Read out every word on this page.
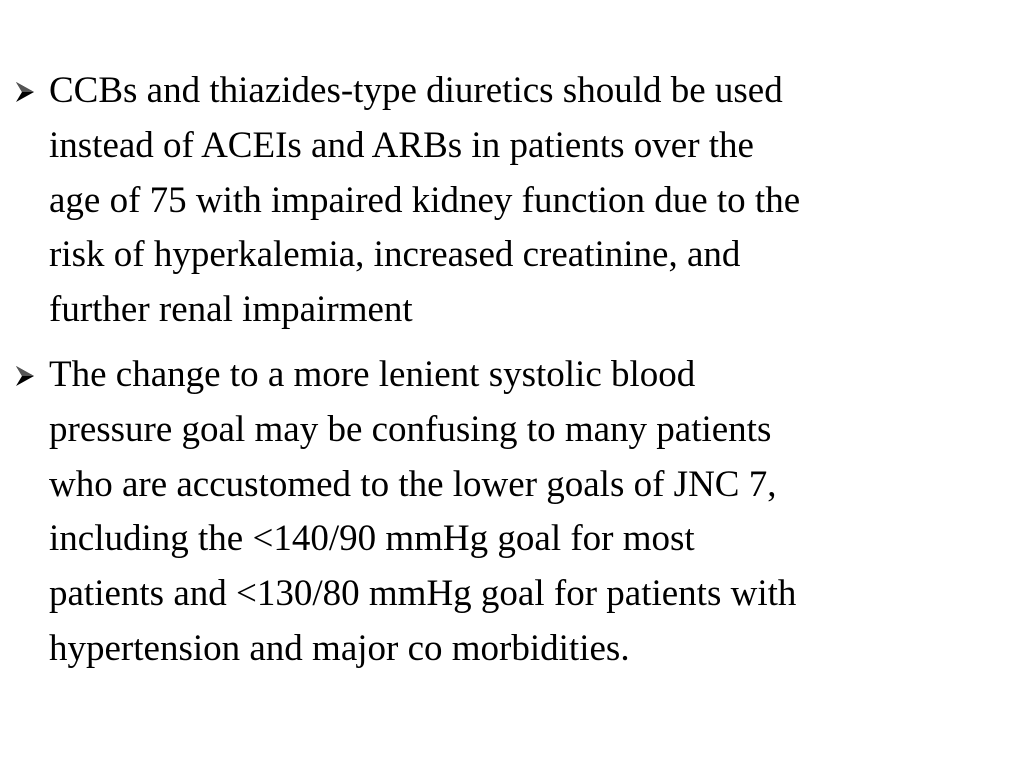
CCBs and thiazides-type diuretics should be used
instead of ACEIs and ARBs in patients over the
age of 75 with impaired kidney function due to the
risk of hyperkalemia, increased creatinine, and
further renal impairment
The change to a more lenient systolic blood
pressure goal may be confusing to many patients
who are accustomed to the lower goals of JNC 7,
including the <140/90 mmHg goal for most
patients and <130/80 mmHg goal for patients with
hypertension and major co morbidities.
